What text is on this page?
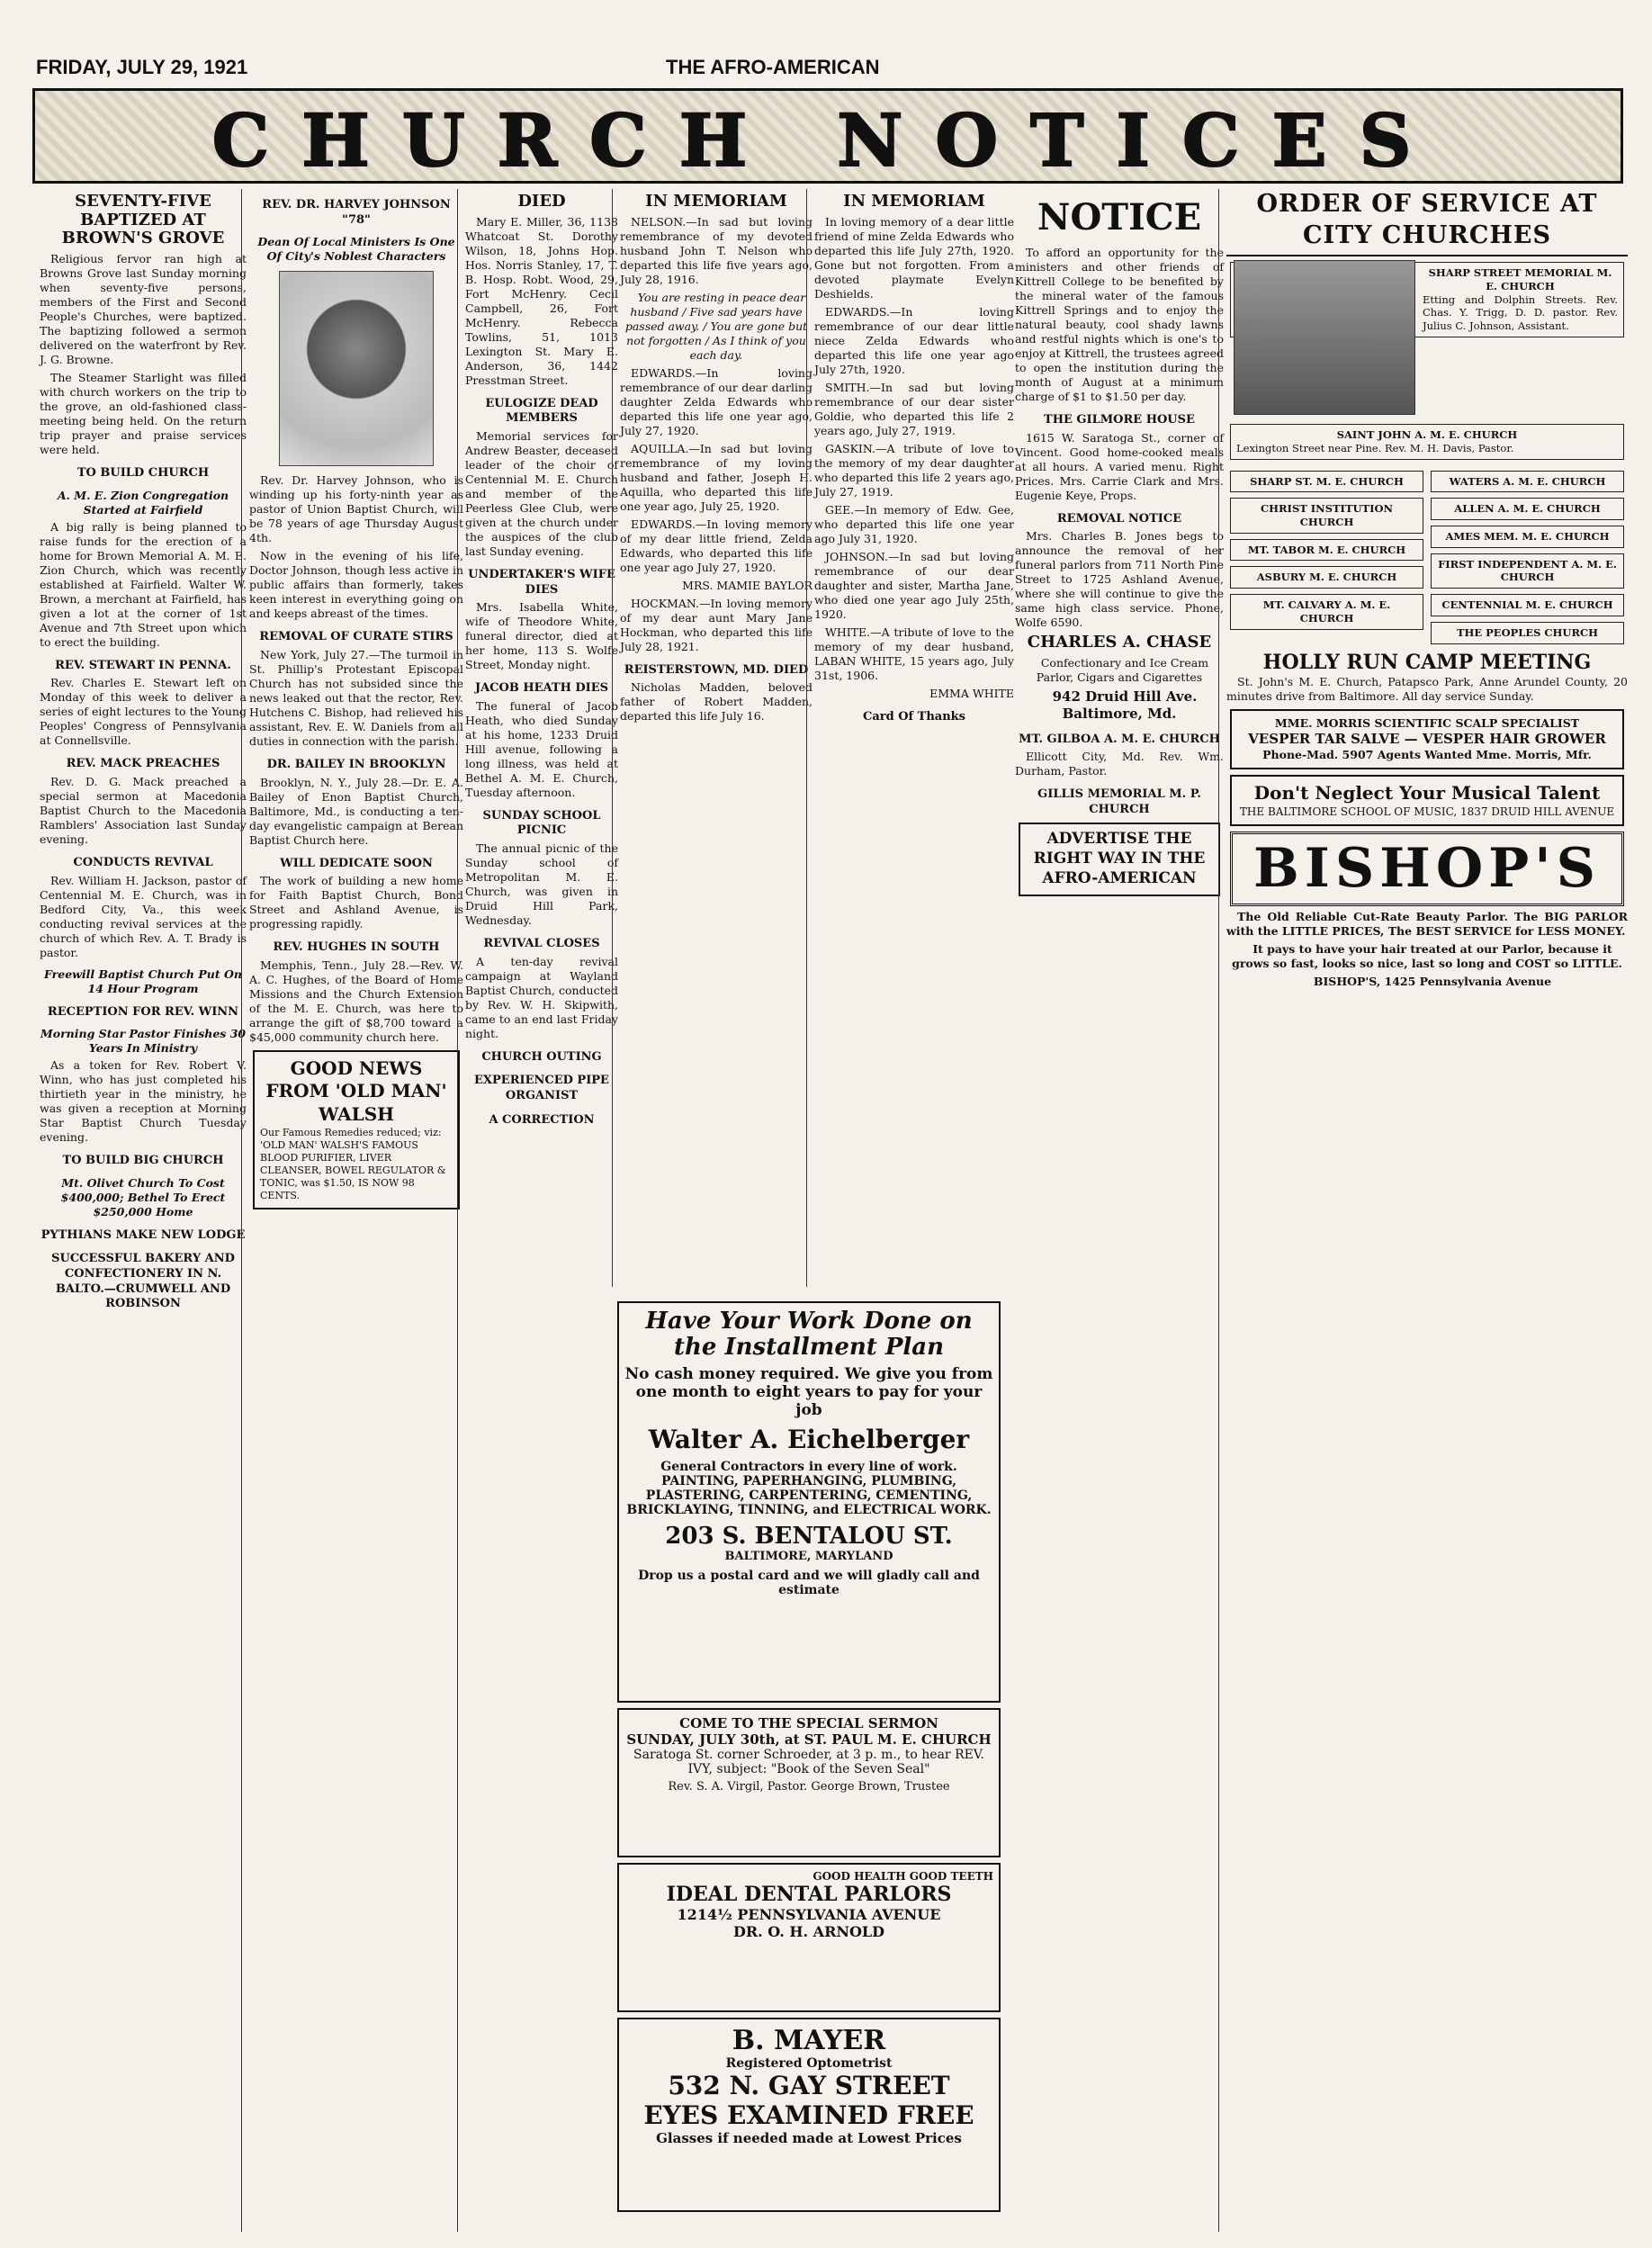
FRIDAY, JULY 29, 1921	THE AFRO-AMERICAN
CHURCH NOTICES
SEVENTY-FIVE BAPTIZED AT BROWN'S GROVE

Religious fervor ran high at Browns Grove last Sunday morning when seventy-five persons, members of the First and Second People's Churches, were baptized. The baptizing followed a sermon delivered on the waterfront by Rev. J. G. Browne.

The Steamer Starlight was filled with church workers on the trip to the grove, an old-fashioned class-meeting being held. On the return trip prayer and praise services were held.

TO BUILD CHURCH
A. M. E. Zion Congregation Started at Fairfield

A big rally is being planned to raise funds for the erection of a home for Brown Memorial A. M. E. Zion Church, which was recently established at Fairfield. Walter W. Brown, a merchant at Fairfield, has given a lot at the corner of 1st Avenue and 7th Street upon which to erect the building.

REV. STEWART IN PENNA.

Rev. Charles E. Stewart left on Monday of this week to deliver a series of eight lectures to the Young Peoples' Congress of Pennsylvania at Connellsville.

REV. MACK PREACHES

Rev. D. G. Mack preached a special sermon at Macedonia Baptist Church to the Macedonia Ramblers' Association last Sunday evening.

CONDUCTS REVIVAL

Rev. William H. Jackson, pastor of Centennial M. E. Church, was in Bedford City, Va., this week conducting revival services at the church of which Rev. A. T. Brady is pastor.

Freewill Baptist Church Put On 14 Hour Program
RECEPTION FOR REV. WINN
Morning Star Pastor Finishes 30 Years In Ministry

As a token for Rev. Robert V. Winn, who has just completed his thirtieth year in the ministry, he was given a reception at Morning Star Baptist Church Tuesday evening.

TO BUILD BIG CHURCH
Mt. Olivet Church To Cost $400,000; Bethel To Erect $250,000 Home
PYTHIANS MAKE NEW LODGE
SUCCESSFUL BAKERY AND CONFECTIONERY IN N. BALTO.—CRUMWELL AND ROBINSON
REV. DR. HARVEY JOHNSON "78"
Dean Of Local Ministers Is One Of City's Noblest Characters

Rev. Dr. Harvey Johnson, who is winding up his forty-ninth year as pastor of Union Baptist Church, will be 78 years of age Thursday August 4th.

Now in the evening of his life, Doctor Johnson, though less active in public affairs than formerly, takes keen interest in everything going on and keeps abreast of the times.

REMOVAL OF CURATE STIRS

New York, July 27.—The turmoil in St. Phillip's Protestant Episcopal Church has not subsided since the news leaked out that the rector, Rev. Hutchens C. Bishop, had relieved his assistant, Rev. E. W. Daniels from all duties in connection with the parish.

DR. BAILEY IN BROOKLYN

Brooklyn, N. Y., July 28.—Dr. E. A. Bailey of Enon Baptist Church, Baltimore, Md., is conducting a ten-day evangelistic campaign at Berean Baptist Church here.

WILL DEDICATE SOON

The work of building a new home for Faith Baptist Church, Bond Street and Ashland Avenue, is progressing rapidly.

REV. HUGHES IN SOUTH

Memphis, Tenn., July 28.—Rev. W. A. C. Hughes, of the Board of Home Missions and the Church Extension of the M. E. Church, was here to arrange the gift of $8,700 toward a $45,000 community church here.

GOOD NEWS FROM 'OLD MAN' WALSH
Our Famous Remedies reduced; viz: 'OLD MAN' WALSH'S FAMOUS BLOOD PURIFIER, LIVER CLEANSER, BOWEL REGULATOR & TONIC, was $1.50, IS NOW 98 CENTS.
DIED

Mary E. Miller, 36, 1138 Whatcoat St. Dorothy Wilson, 18, Johns Hop. Hos. Norris Stanley, 17, T. B. Hosp. Robt. Wood, 29, Fort McHenry. Cecil Campbell, 26, Fort McHenry. Rebecca Towlins, 51, 1013 Lexington St. Mary E. Anderson, 36, 1442 Presstman Street.

EULOGIZE DEAD MEMBERS

Memorial services for Andrew Beaster, deceased leader of the choir of Centennial M. E. Church and member of the Peerless Glee Club, were given at the church under the auspices of the club last Sunday evening.

UNDERTAKER'S WIFE DIES

Mrs. Isabella White, wife of Theodore White, funeral director, died at her home, 113 S. Wolfe Street, Monday night.

JACOB HEATH DIES

The funeral of Jacob Heath, who died Sunday at his home, 1233 Druid Hill avenue, following a long illness, was held at Bethel A. M. E. Church, Tuesday afternoon.

SUNDAY SCHOOL PICNIC

The annual picnic of the Sunday school of Metropolitan M. E. Church, was given in Druid Hill Park, Wednesday.

REVIVAL CLOSES

A ten-day revival campaign at Wayland Baptist Church, conducted by Rev. W. H. Skipwith, came to an end last Friday night.

CHURCH OUTING
EXPERIENCED PIPE ORGANIST
A CORRECTION
IN MEMORIAM

NELSON.—In sad but loving remembrance of my devoted husband John T. Nelson who departed this life five years ago, July 28, 1916.

You are resting in peace dear husband / Five sad years have passed away. / You are gone but not forgotten / As I think of you each day.

EDWARDS.—In loving remembrance of our dear darling daughter Zelda Edwards who departed this life one year ago, July 27, 1920.

AQUILLA.—In sad but loving remembrance of my loving husband and father, Joseph H. Aquilla, who departed this life one year ago, July 25, 1920.

EDWARDS.—In loving memory of my dear little friend, Zelda Edwards, who departed this life one year ago July 27, 1920.

MRS. MAMIE BAYLOR

HOCKMAN.—In loving memory of my dear aunt Mary Jane Hockman, who departed this life July 28, 1921.

REISTERSTOWN, MD. DIED

Nicholas Madden, beloved father of Robert Madden, departed this life July 16.

IN MEMORIAM

In loving memory of a dear little friend of mine Zelda Edwards who departed this life July 27th, 1920. Gone but not forgotten. From a devoted playmate Evelyn Deshields.

EDWARDS.—In loving remembrance of our dear little niece Zelda Edwards who departed this life one year ago July 27th, 1920.

SMITH.—In sad but loving remembrance of our dear sister Goldie, who departed this life 2 years ago, July 27, 1919.

GASKIN.—A tribute of love to the memory of my dear daughter who departed this life 2 years ago, July 27, 1919.

GEE.—In memory of Edw. Gee, who departed this life one year ago July 31, 1920.

JOHNSON.—In sad but loving remembrance of our dear daughter and sister, Martha Jane, who died one year ago July 25th, 1920.

WHITE.—A tribute of love to the memory of my dear husband, LABAN WHITE, 15 years ago, July 31st, 1906.

EMMA WHITE

Card Of Thanks
Have Your Work Done on the Installment Plan
No cash money required. We give you from one month to eight years to pay for your job
Walter A. Eichelberger
General Contractors in every line of work. PAINTING, PAPERHANGING, PLUMBING, PLASTERING, CARPENTERING, CEMENTING, BRICKLAYING, TINNING, and ELECTRICAL WORK.
203 S. BENTALOU ST.
BALTIMORE, MARYLAND
Drop us a postal card and we will gladly call and estimate
COME TO THE SPECIAL SERMON
SUNDAY, JULY 30th, at ST. PAUL M. E. CHURCH
Saratoga St. corner Schroeder, at 3 p. m., to hear REV. IVY, subject: "Book of the Seven Seal"
Rev. S. A. Virgil, Pastor. George Brown, Trustee
GOOD HEALTH GOOD TEETH
IDEAL DENTAL PARLORS
1214½ PENNSYLVANIA AVENUE
DR. O. H. ARNOLD
B. MAYER
Registered Optometrist
532 N. GAY STREET
EYES EXAMINED FREE
Glasses if needed made at Lowest Prices
NOTICE

To afford an opportunity for the ministers and other friends of Kittrell College to be benefited by the mineral water of the famous Kittrell Springs and to enjoy the natural beauty, cool shady lawns and restful nights which is one's to enjoy at Kittrell, the trustees agreed to open the institution during the month of August at a minimum charge of $1 to $1.50 per day.

THE GILMORE HOUSE

1615 W. Saratoga St., corner of Vincent. Good home-cooked meals at all hours. A varied menu. Right Prices. Mrs. Carrie Clark and Mrs. Eugenie Keye, Props.

REMOVAL NOTICE

Mrs. Charles B. Jones begs to announce the removal of her funeral parlors from 711 North Pine Street to 1725 Ashland Avenue, where she will continue to give the same high class service. Phone, Wolfe 6590.

CHARLES A. CHASE

Confectionary and Ice Cream Parlor, Cigars and Cigarettes

942 Druid Hill Ave. Baltimore, Md.

MT. GILBOA A. M. E. CHURCH

Ellicott City, Md. Rev. Wm. Durham, Pastor.

GILLIS MEMORIAL M. P. CHURCH
ADVERTISE THE RIGHT WAY IN THE AFRO-AMERICAN
ORDER OF SERVICE AT CITY CHURCHES
SHARP STREET MEMORIAL M. E. CHURCH
Etting and Dolphin Streets. Rev. Chas. Y. Trigg, D. D. pastor. Rev. Julius C. Johnson, Assistant.
SAINT JOHN A. M. E. CHURCH
Lexington Street near Pine. Rev. M. H. Davis, Pastor.
SHARP ST. M. E. CHURCH
CHRIST INSTITUTION CHURCH
MT. TABOR M. E. CHURCH
ASBURY M. E. CHURCH
MT. CALVARY A. M. E. CHURCH
WATERS A. M. E. CHURCH
ALLEN A. M. E. CHURCH
AMES MEM. M. E. CHURCH
FIRST INDEPENDENT A. M. E. CHURCH
CENTENNIAL M. E. CHURCH
THE PEOPLES CHURCH
HOLLY RUN CAMP MEETING

St. John's M. E. Church, Patapsco Park, Anne Arundel County, 20 minutes drive from Baltimore. All day service Sunday.

MME. MORRIS SCIENTIFIC SCALP SPECIALIST
VESPER TAR SALVE — VESPER HAIR GROWER
Phone-Mad. 5907 Agents Wanted Mme. Morris, Mfr.
Don't Neglect Your Musical Talent
THE BALTIMORE SCHOOL OF MUSIC, 1837 DRUID HILL AVENUE
BISHOP'S

The Old Reliable Cut-Rate Beauty Parlor. The BIG PARLOR with the LITTLE PRICES, The BEST SERVICE for LESS MONEY.

It pays to have your hair treated at our Parlor, because it grows so fast, looks so nice, last so long and COST so LITTLE.

BISHOP'S, 1425 Pennsylvania Avenue
